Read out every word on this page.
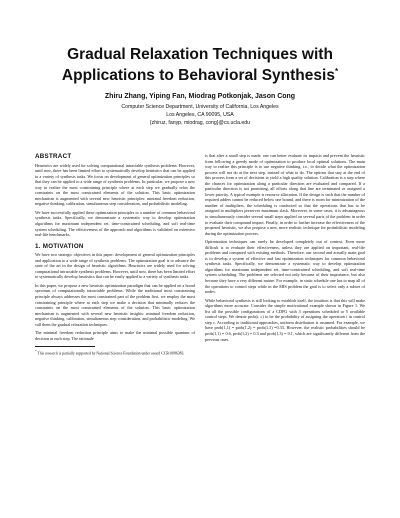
Gradual Relaxation Techniques with Applications to Behavioral Synthesis*
Zhiru Zhang, Yiping Fan, Miodrag Potkonjak, Jason Cong
Computer Science Department, University of California, Los Angeles
Los Angeles, CA 90095, USA
{zhiruz, fanyp, miodrag, cong}@cs.ucla.edu
ABSTRACT

Heuristics are widely used for solving computational intractable synthesis problems. However, until now, there has been limited effort to systematically develop heuristics that can be applied to a variety of synthesis tasks. We focus on development of general optimization principles so that they can be applied to a wide range of synthesis problems. In particular, we propose a new way to realize the most constraining principle where at each step we gradually relax the constraints on the most constrained elements of the solution. This basic optimization mechanism is augmented with several new heuristic principles: minimal freedom reduction, negative thinking, calibration, simultaneous step consideration, and probabilistic modeling.

We have successfully applied these optimization principles to a number of common behavioral synthesis tasks. Specifically, we demonstrate a systematic way to develop optimization algorithms for maximum independent set, time-constrained scheduling, and soft real-time system scheduling. The effectiveness of the approach and algorithms is validated on extensive real-life benchmarks.

1. MOTIVATION

We have two strategic objectives in this paper: development of general optimization principles and application to a wide range of synthesis problems. The optimization goal is to advance the state of the art in the design of heuristic algorithms. Heuristics are widely used for solving computational intractable synthesis problems. However, until now, there has been limited effort to systematically develop heuristics that can be easily applied to a variety of synthesis tasks.

In this paper, we propose a new heuristic optimization paradigm that can be applied on a broad spectrum of computationally intractable problems. While the traditional most constraining principle always addresses the most constrained part of the problem first, we employ the most constraining principle where at each step we make a decision that minimally reduces the constraints on the most constrained elements of the solution. This basic optimization mechanism is augmented with several new heuristic insights: minimal freedom reduction, negative thinking, calibration, simultaneous step consideration, and probabilistic modeling. We call them the gradual relaxation techniques.

The minimal freedom reduction principle aims to make the minimal possible quantum of decision at each step. The rationale

* This research is partially supported by National Science Foundation under award CCR-0086383.

is that after a small step is made, one can better evaluate its impacts and prevent the heuristic from following a greedy mode of optimization to produce local optimal solutions. The main way to realize this principle is to use negative thinking, i.e., to decide what the optimization process will not do at the next step, instead of what to do. The options that stay at the end of this process form a set of decisions to yield a high quality solution. Calibration is a step where the chances for optimization along a particular direction are evaluated and compared. If a particular direction is not promising, all efforts along that line are terminated or assigned a lower priority. A typical example is resource allocation. If the design is such that the number of required adders cannot be reduced below one bound, and there is room for minimization of the number of multipliers, the scheduling is conducted so that the operations that has to be assigned to multipliers preserves maximum slack. Moreover, in some cases, it is advantageous to simultaneously consider several small steps applied on several parts of the problem in order to evaluate their compound impact. Finally, in order to further increase the effectiveness of the proposed heuristic, we also propose a new, more realistic technique for probabilistic modeling during the optimization process.

Optimization techniques can rarely be developed completely out of context. Even more difficult is to evaluate their effectiveness, unless they are applied on important, real-life problems and compared with existing methods. Therefore, our second and actually main goal is to develop a system of effective and fast optimization techniques for common behavioral synthesis tasks. Specifically, we demonstrate a systematic way to develop optimization algorithms for maximum independent set, time-constrained scheduling, and soft real-time system scheduling. The problems are selected not only because of their importance, but also because they have a very different nature. For example, in static schedule one has to map all of the operations to control steps while in the MIS problem the goal is to select only a subset of nodes.

While behavioral synthesis is still looking to establish itself, the intuition is that this will make algorithms more accurate. Consider the simple motivational example shown in Figure 1. We list all the possible configurations of a CDFG with 3 operations scheduled to 5 available control steps. We denote prob(i, c) to be the probability of assigning the operation i in control step c. According to traditional approaches, uniform distribution is assumed. For example, we have prob(1,1) = prob(1,2) = prob(1,3) =0.33, However, the realistic probabilities should be prob(1,1) = 0.6, prob(1,2) = 0.3 and prob(1,3) = 0.1, which are significantly different from the previous ones.
